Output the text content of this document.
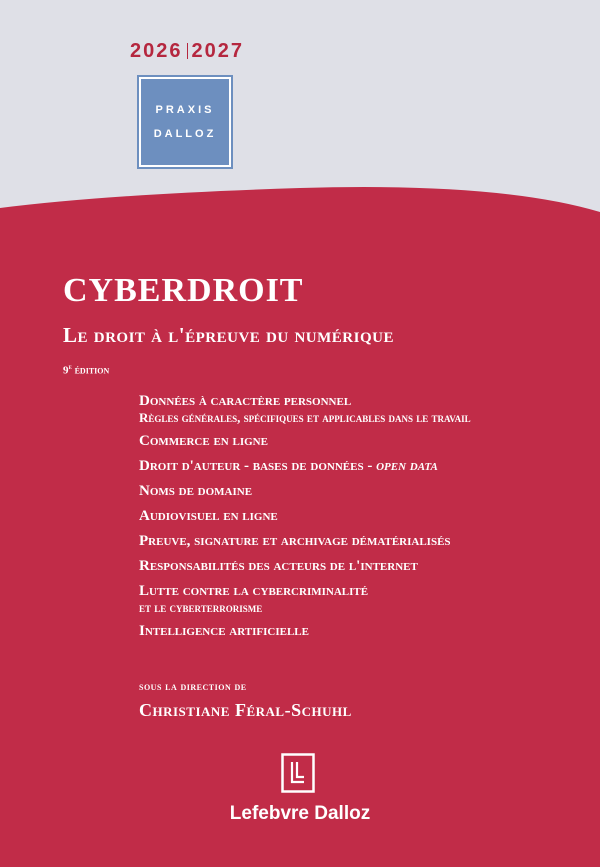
2026 2027
PRAXIS
DALLOZ
CYBERDROIT
Le droit à l'épreuve du numérique
9e édition
Données à caractère personnel
Règles générales, spécifiques et applicables dans le travail
Commerce en ligne
Droit d'auteur - bases de données - open data
Noms de domaine
Audiovisuel en ligne
Preuve, signature et archivage dématérialisés
Responsabilités des acteurs de l'internet
Lutte contre la cybercriminalité
et le cyberterrorisme
Intelligence artificielle
sous la direction de
Christiane Féral-Schuhl
Lefebvre Dalloz
